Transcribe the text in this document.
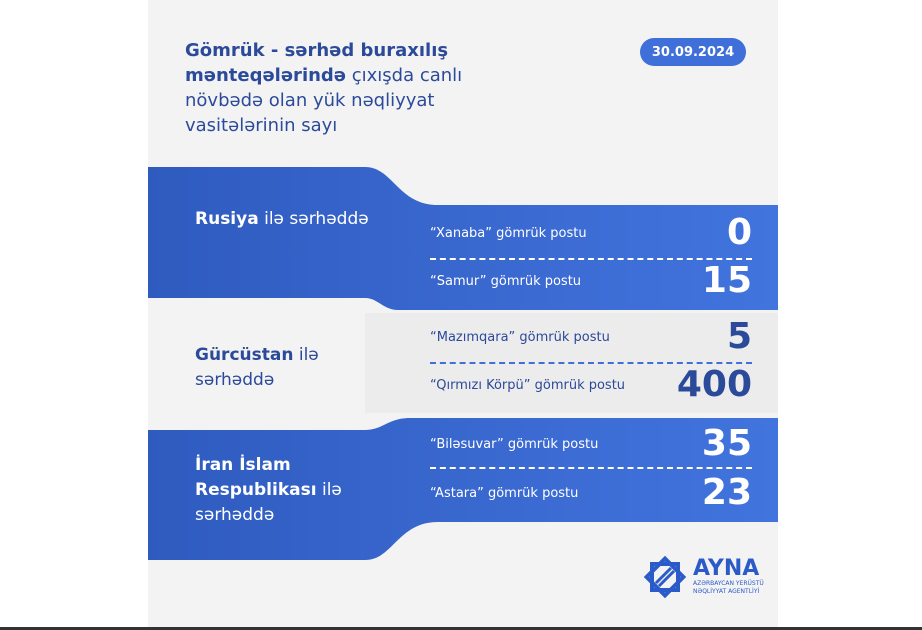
Gömrük - sərhəd buraxılış mənteqələrində çıxışda canlı növbədə olan yük nəqliyyat vasitələrinin sayı
30.09.2024
Rusiya ilə sərhəddə
Gürcüstan ilə sərhəddə
İran İslam Respublikası ilə sərhəddə
“Xanaba” gömrük postu	0
“Samur” gömrük postu	15
“Mazımqara” gömrük postu	5
“Qırmızı Körpü” gömrük postu 400
“Biləsuvar” gömrük postu	35
“Astara” gömrük postu	23
AYNA
AZƏRBAYCAN YERÜSTÜ
NƏQLİYYAT AGENTLİYİ
